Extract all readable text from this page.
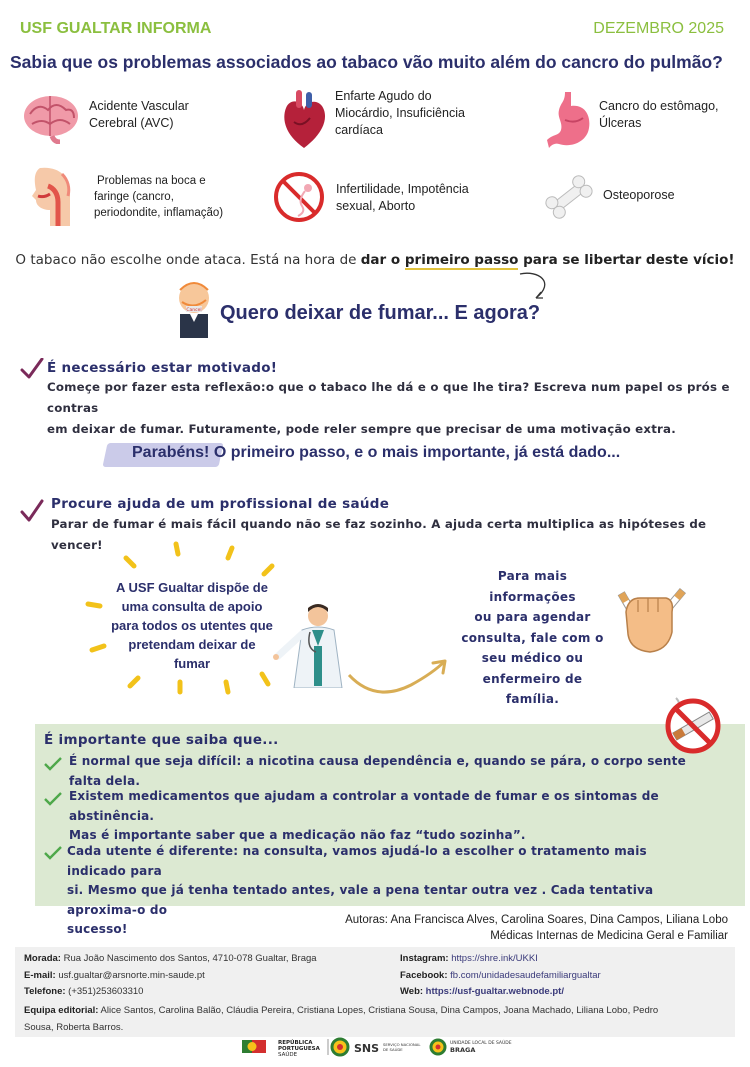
USF GUALTAR INFORMA	DEZEMBRO 2025
Sabia que os problemas associados ao tabaco vão muito além do cancro do pulmão?
Acidente Vascular
Cerebral (AVC)
Enfarte Agudo do
Miocárdio, Insuficiência
cardíaca
Cancro do estômago,
Úlceras
Problemas na boca e
faringe (cancro,
periodondite, inflamação)
Infertilidade, Impotência
sexual, Aborto
Osteoporose
O tabaco não escolhe onde ataca. Está na hora de dar o primeiro passo para se libertar deste vício!
Cancel Quero deixar de fumar... E agora?
É necessário estar motivado!
Começe por fazer esta reflexão:o que o tabaco lhe dá e o que lhe tira? Escreva num papel os prós e contras
em deixar de fumar. Futuramente, pode reler sempre que precisar de uma motivação extra.
Parabéns! O primeiro passo, e o mais importante, já está dado...
Procure ajuda de um profissional de saúde
Parar de fumar é mais fácil quando não se faz sozinho. A ajuda certa multiplica as hipóteses de vencer!
A USF Gualtar dispõe de
uma consulta de apoio
para todos os utentes que
pretendam deixar de
fumar
Para mais informações
ou para agendar
consulta, fale com o
seu médico ou
enfermeiro de família.
É importante que saiba que...
É normal que seja difícil: a nicotina causa dependência e, quando se pára, o corpo sente falta dela.
Existem medicamentos que ajudam a controlar a vontade de fumar e os sintomas de abstinência.
Mas é importante saber que a medicação não faz “tudo sozinha”.
Cada utente é diferente: na consulta, vamos ajudá-lo a escolher o tratamento mais indicado para
si. Mesmo que já tenha tentado antes, vale a pena tentar outra vez . Cada tentativa aproxima-o do
sucesso!
Autoras: Ana Francisca Alves, Carolina Soares, Dina Campos, Liliana Lobo
Médicas Internas de Medicina Geral e Familiar
Morada: Rua João Nascimento dos Santos, 4710-078 Gualtar, Braga
E-mail: usf.gualtar@arsnorte.min-saude.pt
Telefone: (+351)253603310
Instagram: https://shre.ink/UKKI
Facebook: fb.com/unidadesaudefamiliargualtar
Web: https://usf-gualtar.webnode.pt/
Equipa editorial: Alice Santos, Carolina Balão, Cláudia Pereira, Cristiana Lopes, Cristiana Sousa, Dina Campos, Joana Machado, Liliana Lobo, Pedro
Sousa, Roberta Barros.
REPÚBLICA
PORTUGUESA
SAÚDE	SNS SERVIÇO NACIONAL
DE SAÚDE
UNIDADE LOCAL DE SAÚDE
BRAGA
